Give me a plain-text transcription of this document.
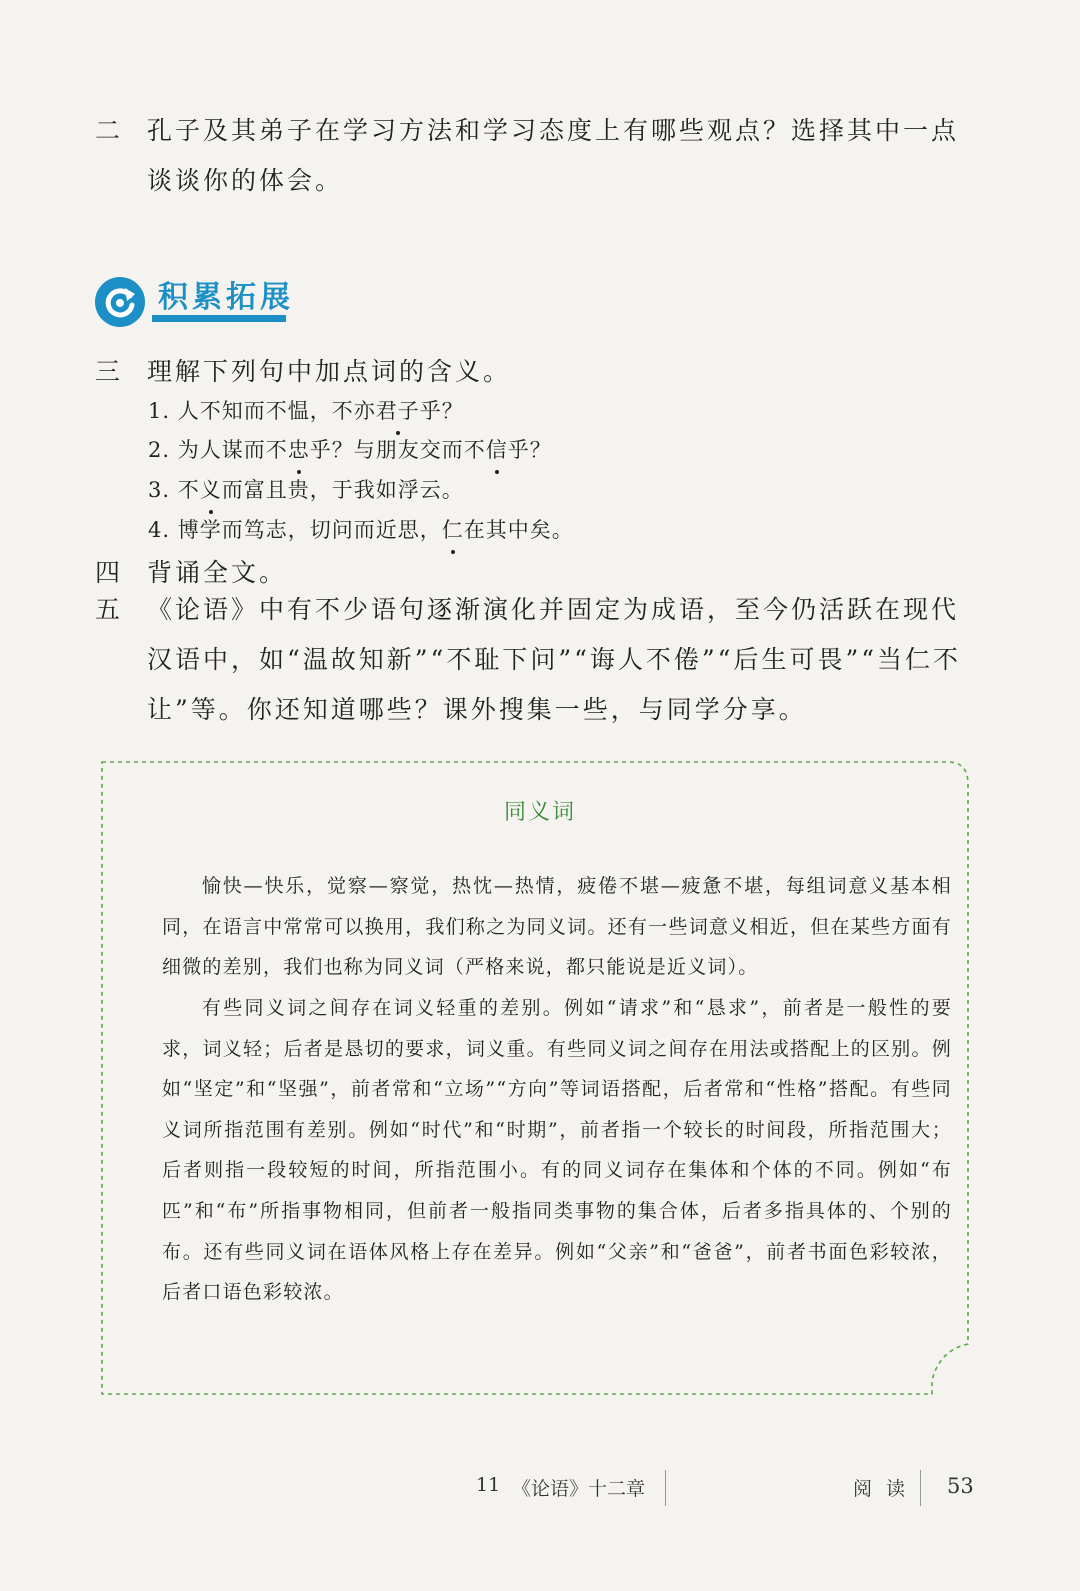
二 孔子及其弟子在学习方法和学习态度上有哪些观点？选择其中一点谈谈你的体会。
积累拓展
三 理解下列句中加点词的含义。
1. 人不知而不愠，不亦君子乎？
2. 为人谋而不忠乎？与朋友交而不信乎？
3. 不义而富且贵，于我如浮云。
4. 博学而笃志，切问而近思，仁在其中矣。
四 背诵全文。
五 《论语》中有不少语句逐渐演化并固定为成语，至今仍活跃在现代汉语中，如“温故知新”“不耻下问”“诲人不倦”“后生可畏”“当仁不让”等。你还知道哪些？课外搜集一些，与同学分享。
同义词
愉快—快乐，觉察—察觉，热忱—热情，疲倦不堪—疲惫不堪，每组词意义基本相同，在语言中常常可以换用，我们称之为同义词。还有一些词意义相近，但在某些方面有细微的差别，我们也称为同义词（严格来说，都只能说是近义词）。
有些同义词之间存在词义轻重的差别。例如“请求”和“恳求”，前者是一般性的要求，词义轻；后者是恳切的要求，词义重。有些同义词之间存在用法或搭配上的区别。例如“坚定”和“坚强”，前者常和“立场”“方向”等词语搭配，后者常和“性格”搭配。有些同义词所指范围有差别。例如“时代”和“时期”，前者指一个较长的时间段，所指范围大；后者则指一段较短的时间，所指范围小。有的同义词存在集体和个体的不同。例如“布匹”和“布”所指事物相同，但前者一般指同类事物的集合体，后者多指具体的、个别的布。还有些同义词在语体风格上存在差异。例如“父亲”和“爸爸”，前者书面色彩较浓，后者口语色彩较浓。
11 《论语》十二章	阅 读 53
